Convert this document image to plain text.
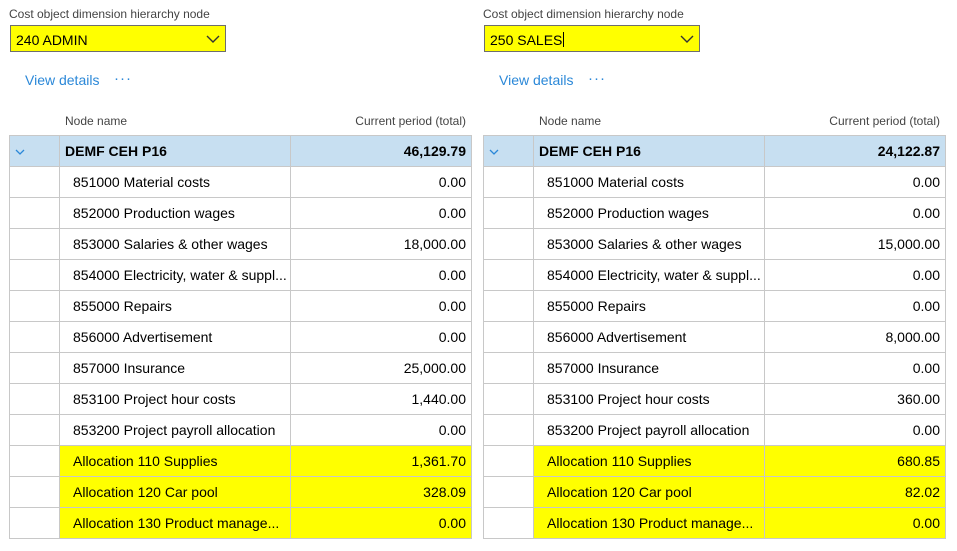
Cost object dimension hierarchy node
240 ADMIN
View details ···
Node name	Current period (total)
	DEMF CEH P16	46,129.79
	851000 Material costs	0.00
	852000 Production wages	0.00
	853000 Salaries & other wages	18,000.00
	854000 Electricity, water & suppl...	0.00
	855000 Repairs	0.00
	856000 Advertisement	0.00
	857000 Insurance	25,000.00
	853100 Project hour costs	1,440.00
	853200 Project payroll allocation	0.00
	Allocation 110 Supplies	1,361.70
	Allocation 120 Car pool	328.09
	Allocation 130 Product manage...	0.00
Cost object dimension hierarchy node
250 SALES
View details ···
Node name	Current period (total)
	DEMF CEH P16	24,122.87
	851000 Material costs	0.00
	852000 Production wages	0.00
	853000 Salaries & other wages	15,000.00
	854000 Electricity, water & suppl...	0.00
	855000 Repairs	0.00
	856000 Advertisement	8,000.00
	857000 Insurance	0.00
	853100 Project hour costs	360.00
	853200 Project payroll allocation	0.00
	Allocation 110 Supplies	680.85
	Allocation 120 Car pool	82.02
	Allocation 130 Product manage...	0.00
